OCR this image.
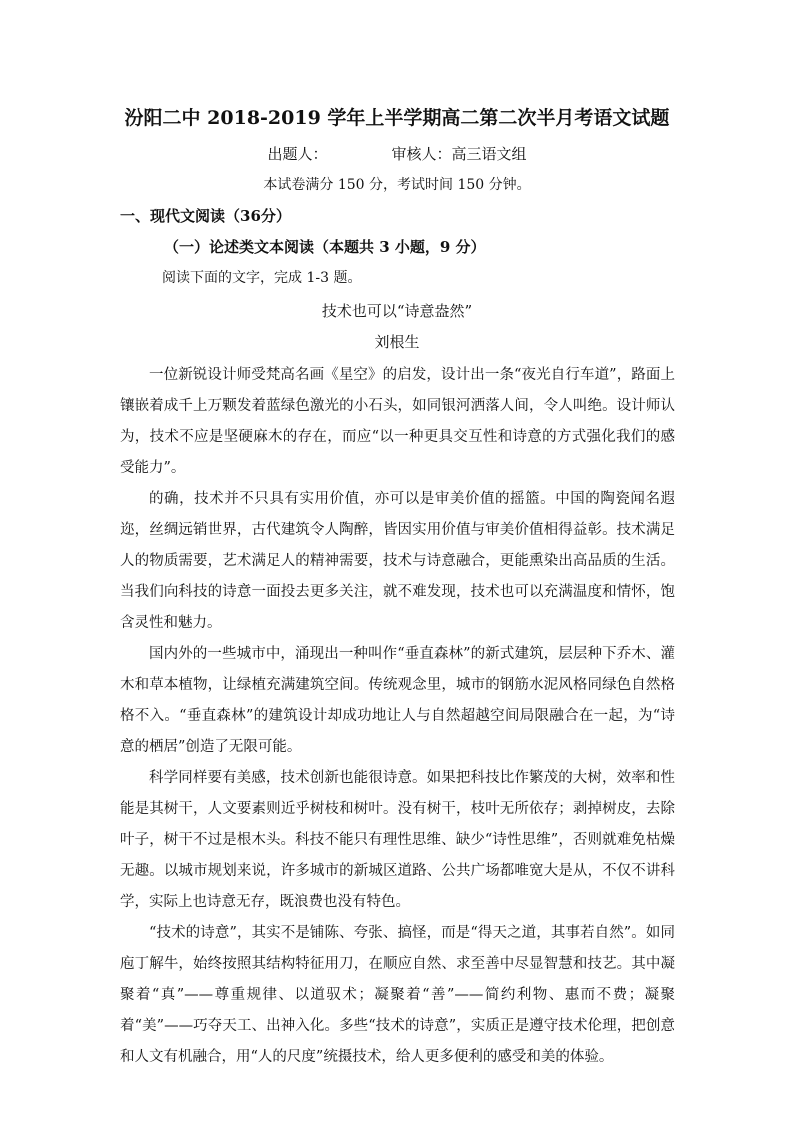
汾阳二中 2018-2019 学年上半学期高二第二次半月考语文试题
出题人：	审核人：高三语文组
本试卷满分 150 分，考试时间 150 分钟。
一、现代文阅读（36分）
（一）论述类文本阅读（本题共 3 小题，9 分）
阅读下面的文字，完成 1-3 题。
技术也可以“诗意盎然”
刘根生

一位新锐设计师受梵高名画《星空》的启发，设计出一条“夜光自行车道”，路面上镶嵌着成千上万颗发着蓝绿色激光的小石头，如同银河洒落人间，令人叫绝。设计师认为，技术不应是坚硬麻木的存在，而应“以一种更具交互性和诗意的方式强化我们的感受能力”。

的确，技术并不只具有实用价值，亦可以是审美价值的摇篮。中国的陶瓷闻名遐迩，丝绸远销世界，古代建筑令人陶醉，皆因实用价值与审美价值相得益彰。技术满足人的物质需要，艺术满足人的精神需要，技术与诗意融合，更能熏染出高品质的生活。当我们向科技的诗意一面投去更多关注，就不难发现，技术也可以充满温度和情怀，饱含灵性和魅力。

国内外的一些城市中，涌现出一种叫作“垂直森林”的新式建筑，层层种下乔木、灌木和草本植物，让绿植充满建筑空间。传统观念里，城市的钢筋水泥风格同绿色自然格格不入。“垂直森林”的建筑设计却成功地让人与自然超越空间局限融合在一起，为“诗意的栖居”创造了无限可能。

科学同样要有美感，技术创新也能很诗意。如果把科技比作繁茂的大树，效率和性能是其树干，人文要素则近乎树枝和树叶。没有树干，枝叶无所依存；剥掉树皮，去除叶子，树干不过是根木头。科技不能只有理性思维、缺少“诗性思维”，否则就难免枯燥无趣。以城市规划来说，许多城市的新城区道路、公共广场都唯宽大是从，不仅不讲科学，实际上也诗意无存，既浪费也没有特色。

“技术的诗意”，其实不是铺陈、夸张、搞怪，而是“得天之道，其事若自然”。如同庖丁解牛，始终按照其结构特征用刀，在顺应自然、求至善中尽显智慧和技艺。其中凝聚着“真”——尊重规律、以道驭术；凝聚着“善”——简约利物、惠而不费；凝聚着“美”——巧夺天工、出神入化。多些“技术的诗意”，实质正是遵守技术伦理，把创意和人文有机融合，用“人的尺度”统摄技术，给人更多便利的感受和美的体验。
